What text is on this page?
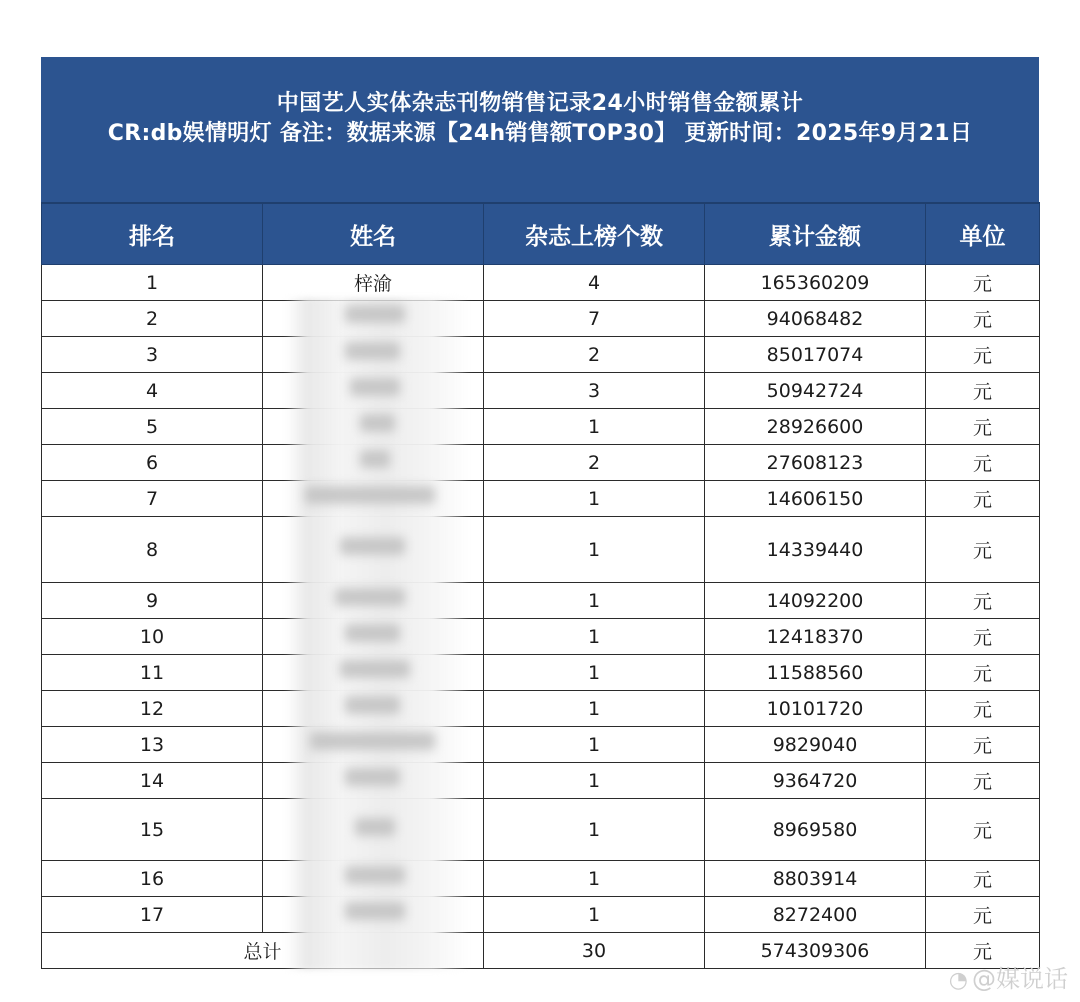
中国艺人实体杂志刊物销售记录24小时销售金额累计
CR:db娱情明灯 备注：数据来源【24h销售额TOP30】 更新时间：2025年9月21日
排名	姓名	杂志上榜个数	累计金额	单位
1	梓渝	4	165360209	元
2		7	94068482	元
3		2	85017074	元
4		3	50942724	元
5		1	28926600	元
6		2	27608123	元
7		1	14606150	元
8		1	14339440	元
9		1	14092200	元
10		1	12418370	元
11		1	11588560	元
12		1	10101720	元
13		1	9829040	元
14		1	9364720	元
15		1	8969580	元
16		1	8803914	元
17		1	8272400	元
总计		30	574309306	元
◔ @媒说话
